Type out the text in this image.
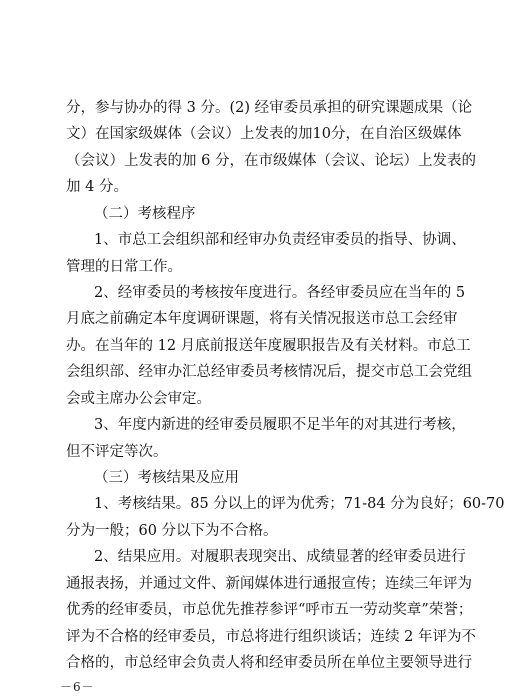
分，参与协办的得 3 分。(2) 经审委员承担的研究课题成果（论
文）在国家级媒体（会议）上发表的加10分，在自治区级媒体
（会议）上发表的加 6 分，在市级媒体（会议、论坛）上发表的
加 4 分。
（二）考核程序
1、市总工会组织部和经审办负责经审委员的指导、协调、
管理的日常工作。
2、经审委员的考核按年度进行。各经审委员应在当年的 5
月底之前确定本年度调研课题，将有关情况报送市总工会经审
办。在当年的 12 月底前报送年度履职报告及有关材料。市总工
会组织部、经审办汇总经审委员考核情况后，提交市总工会党组
会或主席办公会审定。
3、年度内新进的经审委员履职不足半年的对其进行考核，
但不评定等次。
（三）考核结果及应用
1、考核结果。85 分以上的评为优秀；71-84 分为良好；60-70
分为一般；60 分以下为不合格。
2、结果应用。对履职表现突出、成绩显著的经审委员进行
通报表扬，并通过文件、新闻媒体进行通报宣传；连续三年评为
优秀的经审委员，市总优先推荐参评“呼市五一劳动奖章”荣誉；
评为不合格的经审委员，市总将进行组织谈话；连续 2 年评为不
合格的，市总经审会负责人将和经审委员所在单位主要领导进行
－6－
